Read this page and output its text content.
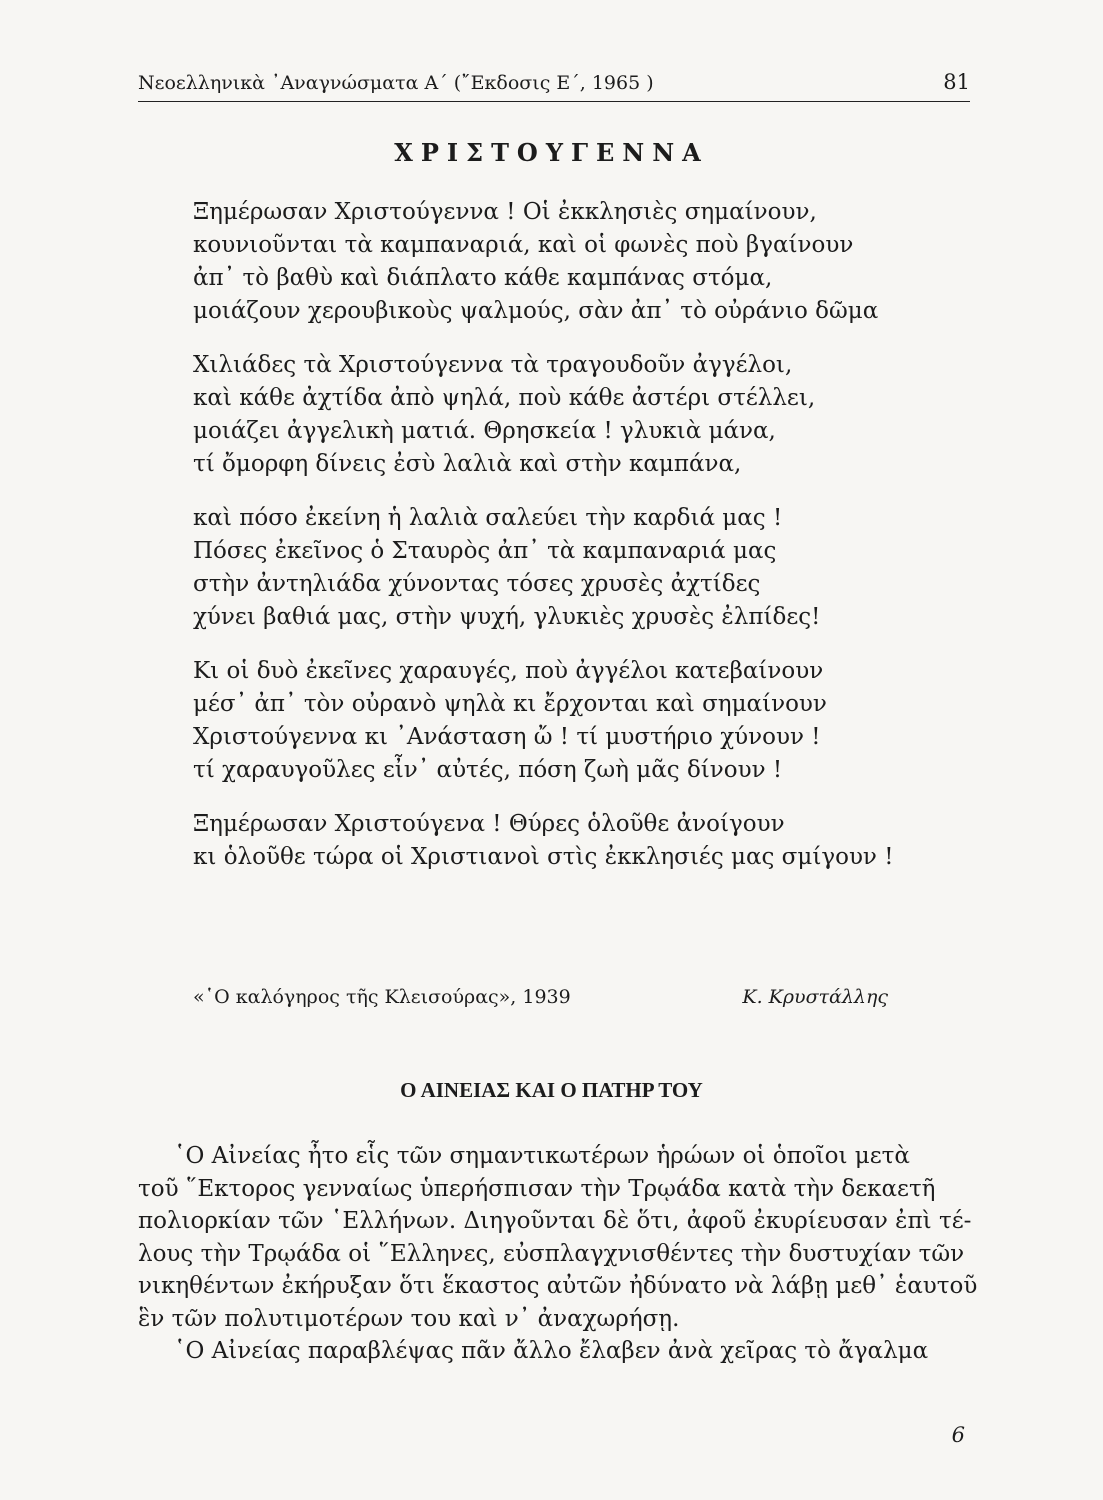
Νεοελληνικὰ ᾿Αναγνώσματα Α΄ (῎Εκδοσις Ε΄, 1965 )	81
ΧΡΙΣΤΟΥΓΕΝΝΑ
Ξημέρωσαν Χριστούγεννα ! Οἱ ἐκκλησιὲς σημαίνουν,
κουνιοῦνται τὰ καμπαναριά, καὶ οἱ φωνὲς ποὺ βγαίνουν
ἀπ᾿ τὸ βαθὺ καὶ διάπλατο κάθε καμπάνας στόμα,
μοιάζουν χερουβικοὺς ψαλμούς, σὰν ἀπ᾿ τὸ οὐράνιο δῶμα
Χιλιάδες τὰ Χριστούγεννα τὰ τραγουδοῦν ἀγγέλοι,
καὶ κάθε ἀχτίδα ἀπὸ ψηλά, ποὺ κάθε ἀστέρι στέλλει,
μοιάζει ἀγγελικὴ ματιά. Θρησκεία ! γλυκιὰ μάνα,
τί ὄμορφη δίνεις ἐσὺ λαλιὰ καὶ στὴν καμπάνα,
καὶ πόσο ἐκείνη ἡ λαλιὰ σαλεύει τὴν καρδιά μας !
Πόσες ἐκεῖνος ὁ Σταυρὸς ἀπ᾿ τὰ καμπαναριά μας
στὴν ἀντηλιάδα χύνοντας τόσες χρυσὲς ἀχτίδες
χύνει βαθιά μας, στὴν ψυχή, γλυκιὲς χρυσὲς ἐλπίδες!
Κι οἱ δυὸ ἐκεῖνες χαραυγές, ποὺ ἀγγέλοι κατεβαίνουν
μέσ᾿ ἀπ᾿ τὸν οὐρανὸ ψηλὰ κι ἔρχονται καὶ σημαίνουν
Χριστούγεννα κι ᾿Ανάσταση ὤ ! τί μυστήριο χύνουν !
τί χαραυγοῦλες εἶν᾿ αὐτές, πόση ζωὴ μᾶς δίνουν !
Ξημέρωσαν Χριστούγενα ! Θύρες ὁλοῦθε ἀνοίγουν
κι ὁλοῦθε τώρα οἱ Χριστιανοὶ στὶς ἐκκλησιές μας σμίγουν !
«῾Ο καλόγηρος τῆς Κλεισούρας», 1939	Κ. Κρυστάλλης
Ο ΑΙΝΕΙΑΣ ΚΑΙ Ο ΠΑΤΗΡ ΤΟΥ
῾Ο Αἰνείας ἦτο εἷς τῶν σημαντικωτέρων ἡρώων οἱ ὁποῖοι μετὰ
τοῦ ῞Εκτορος γενναίως ὑπερήσπισαν τὴν Τρῳάδα κατὰ τὴν δεκαετῆ
πολιορκίαν τῶν ῾Ελλήνων. Διηγοῦνται δὲ ὅτι, ἀφοῦ ἐκυρίευσαν ἐπὶ τέ-
λους τὴν Τρῳάδα οἱ ῞Ελληνες, εὐσπλαγχνισθέντες τὴν δυστυχίαν τῶν
νικηθέντων ἐκήρυξαν ὅτι ἕκαστος αὐτῶν ἠδύνατο νὰ λάβῃ μεθ᾿ ἑαυτοῦ
ἓν τῶν πολυτιμοτέρων του καὶ ν᾿ ἀναχωρήσῃ.
῾Ο Αἰνείας παραβλέψας πᾶν ἄλλο ἔλαβεν ἀνὰ χεῖρας τὸ ἄγαλμα
6
